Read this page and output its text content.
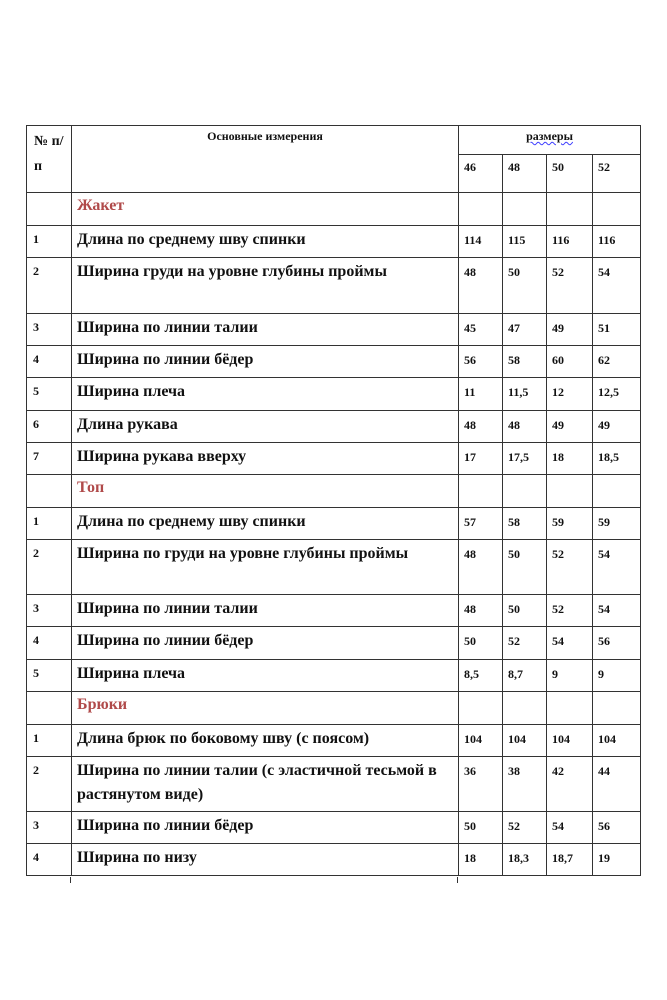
№ п/п	Основные измерения	размеры			
		46	48	50	52
	Жакет				
1	Длина по среднему шву спинки	114	115	116	116
2	Ширина груди на уровне глубины проймы	48	50	52	54
3	Ширина по линии талии	45	47	49	51
4	Ширина по линии бёдер	56	58	60	62
5	Ширина плеча	11	11,5	12	12,5
6	Длина рукава	48	48	49	49
7	Ширина рукава вверху	17	17,5	18	18,5
	Топ				
1	Длина по среднему шву спинки	57	58	59	59
2	Ширина по груди на уровне глубины проймы	48	50	52	54
3	Ширина по линии талии	48	50	52	54
4	Ширина по линии бёдер	50	52	54	56
5	Ширина плеча	8,5	8,7	9	9
	Брюки				
1	Длина брюк по боковому шву (с поясом)	104	104	104	104
2	Ширина по линии талии (с эластичной тесьмой в растянутом виде)	36	38	42	44
3	Ширина по линии бёдер	50	52	54	56
4	Ширина по низу	18	18,3	18,7	19
